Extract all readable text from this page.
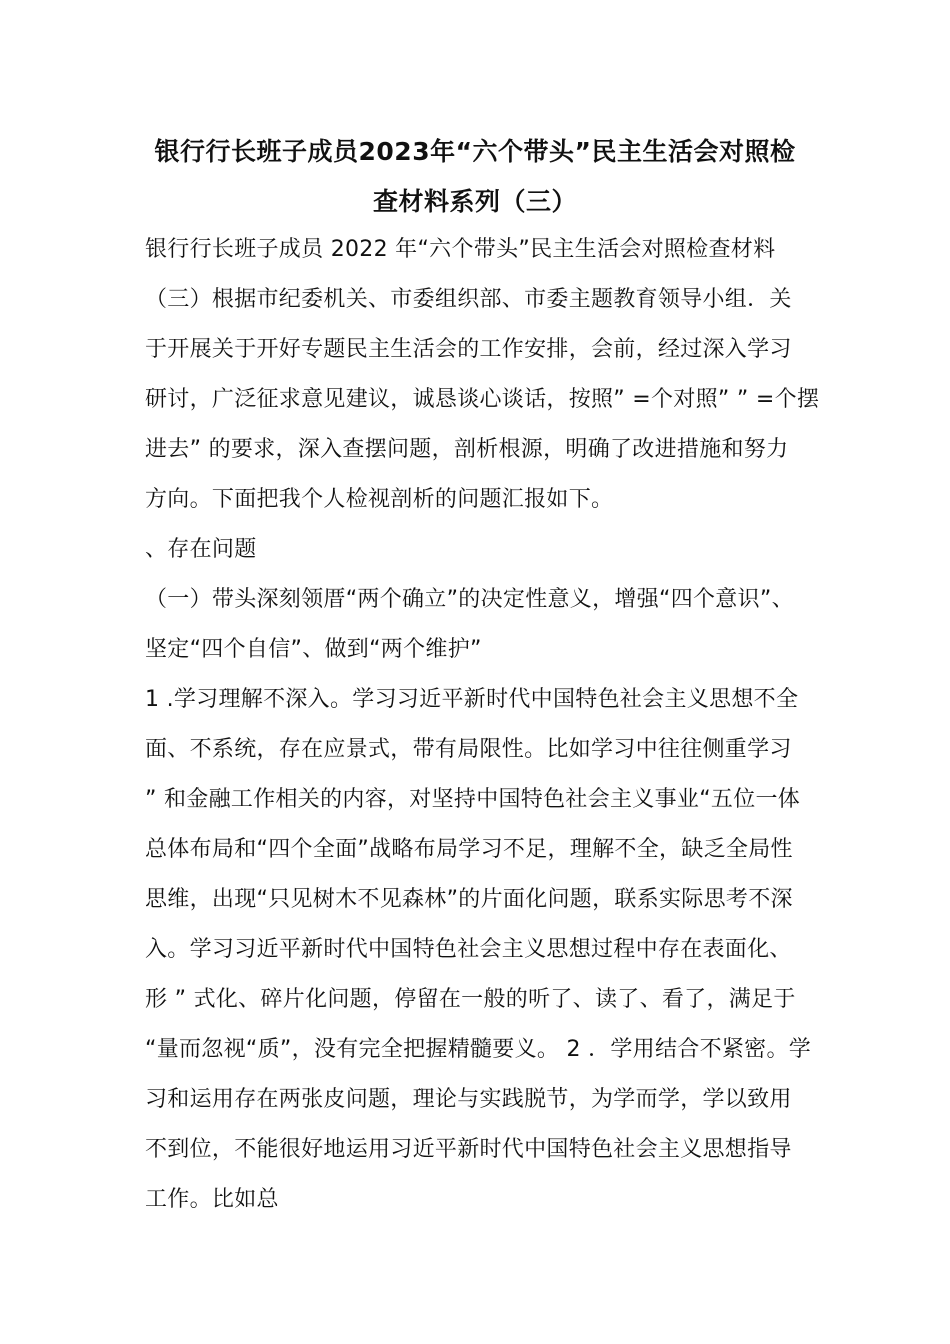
银行行长班子成员2023年“六个带头”民主生活会对照检
查材料系列（三）
银行行长班子成员 2022 年“六个带头”民主生活会对照检查材料
（三）根据市纪委机关、市委组织部、市委主题教育领导小组．关
于开展关于开好专题民主生活会的工作安排，会前，经过深入学习
研讨，广泛征求意见建议，诚恳谈心谈话，按照” =个对照” ” =个摆
进去” 的要求，深入查摆问题，剖析根源，明确了改进措施和努力
方向。下面把我个人检视剖析的问题汇报如下。
、存在问题
（一）带头深刻领厝“两个确立”的决定性意义，增强“四个意识”、
坚定“四个自信”、做到“两个维护”
1 .学习理解不深入。学习习近平新时代中国特色社会主义思想不全
面、不系统，存在应景式，带有局限性。比如学习中往往侧重学习
” 和金融工作相关的内容，对坚持中国特色社会主义事业“五位一体
总体布局和“四个全面”战略布局学习不足，理解不全，缺乏全局性
思维，出现“只见树木不见森林”的片面化问题，联系实际思考不深
入。学习习近平新时代中国特色社会主义思想过程中存在表面化、
形 ” 式化、碎片化问题，停留在一般的听了、读了、看了，满足于
“量而忽视“质”，没有完全把握精髓要义。 2 ．学用结合不紧密。学
习和运用存在两张皮问题，理论与实践脱节，为学而学，学以致用
不到位，不能很好地运用习近平新时代中国特色社会主义思想指导
工作。比如总
